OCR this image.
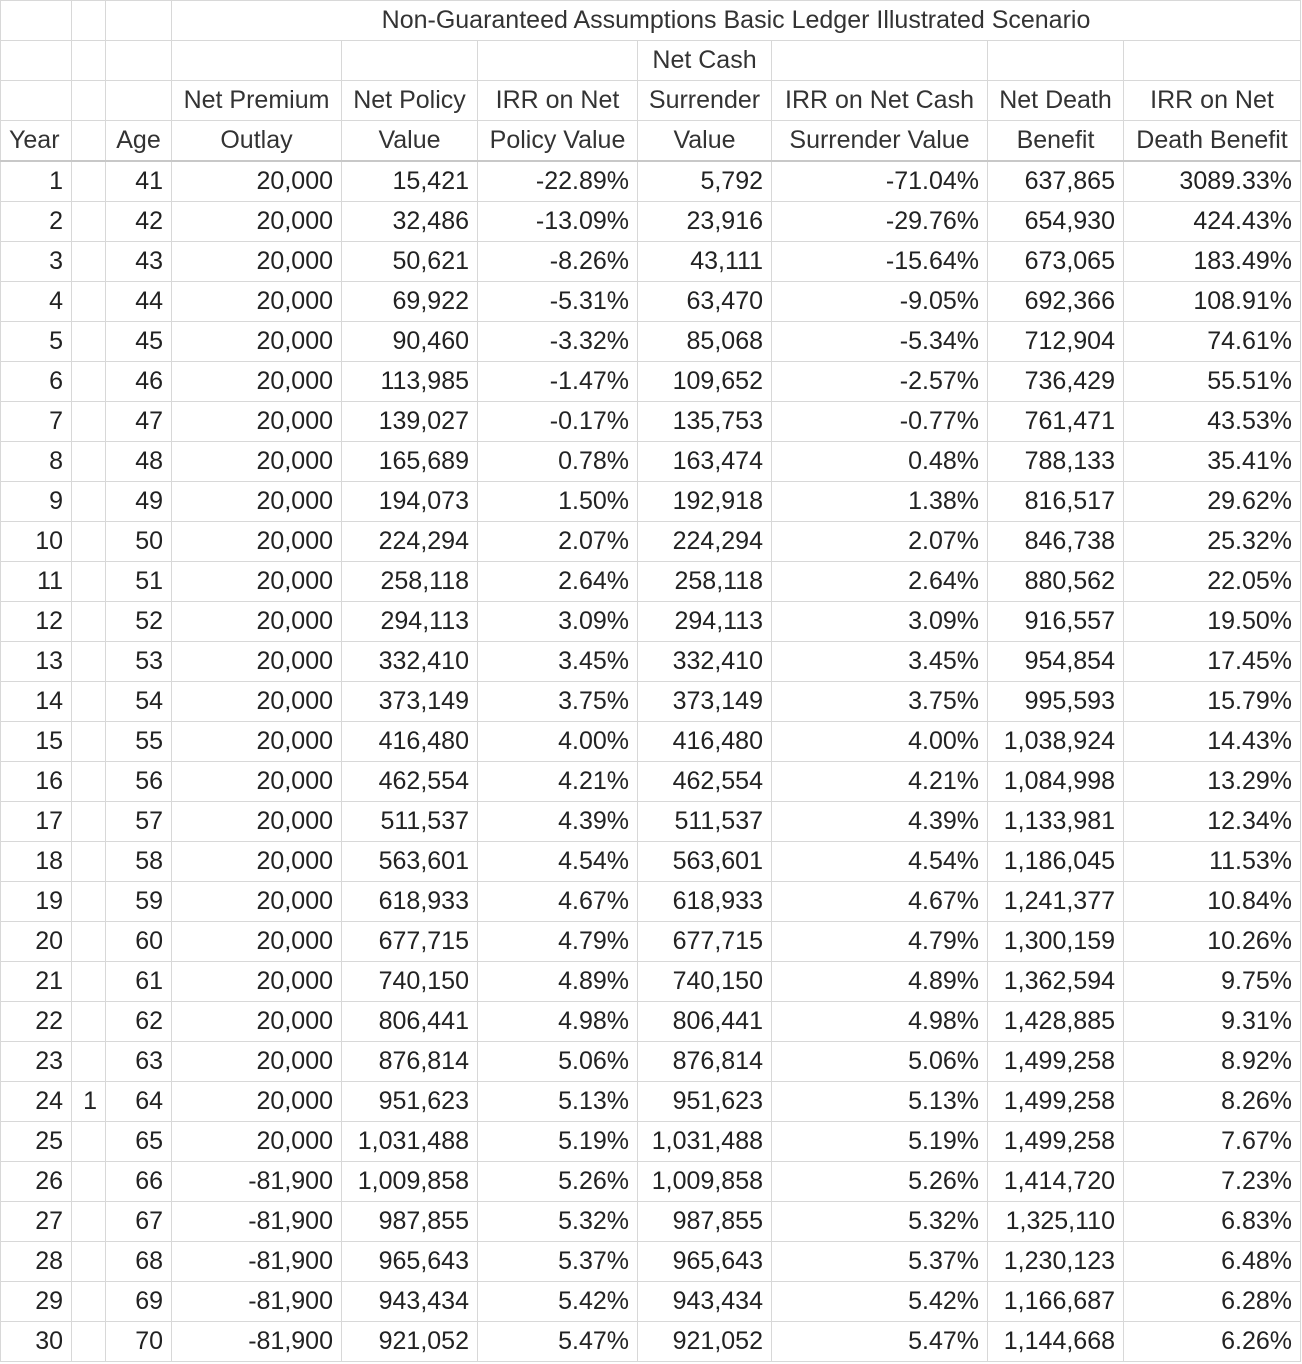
			Non-Guaranteed Assumptions Basic Ledger Illustrated Scenario						
						Net Cash			
			Net Premium	Net Policy	IRR on Net	Surrender	IRR on Net Cash	Net Death	IRR on Net
Year		Age	Outlay	Value	Policy Value	Value	Surrender Value	Benefit	Death Benefit
1		41	20,000	15,421	-22.89%	5,792	-71.04%	637,865	3089.33%
2		42	20,000	32,486	-13.09%	23,916	-29.76%	654,930	424.43%
3		43	20,000	50,621	-8.26%	43,111	-15.64%	673,065	183.49%
4		44	20,000	69,922	-5.31%	63,470	-9.05%	692,366	108.91%
5		45	20,000	90,460	-3.32%	85,068	-5.34%	712,904	74.61%
6		46	20,000	113,985	-1.47%	109,652	-2.57%	736,429	55.51%
7		47	20,000	139,027	-0.17%	135,753	-0.77%	761,471	43.53%
8		48	20,000	165,689	0.78%	163,474	0.48%	788,133	35.41%
9		49	20,000	194,073	1.50%	192,918	1.38%	816,517	29.62%
10		50	20,000	224,294	2.07%	224,294	2.07%	846,738	25.32%
11		51	20,000	258,118	2.64%	258,118	2.64%	880,562	22.05%
12		52	20,000	294,113	3.09%	294,113	3.09%	916,557	19.50%
13		53	20,000	332,410	3.45%	332,410	3.45%	954,854	17.45%
14		54	20,000	373,149	3.75%	373,149	3.75%	995,593	15.79%
15		55	20,000	416,480	4.00%	416,480	4.00%	1,038,924	14.43%
16		56	20,000	462,554	4.21%	462,554	4.21%	1,084,998	13.29%
17		57	20,000	511,537	4.39%	511,537	4.39%	1,133,981	12.34%
18		58	20,000	563,601	4.54%	563,601	4.54%	1,186,045	11.53%
19		59	20,000	618,933	4.67%	618,933	4.67%	1,241,377	10.84%
20		60	20,000	677,715	4.79%	677,715	4.79%	1,300,159	10.26%
21		61	20,000	740,150	4.89%	740,150	4.89%	1,362,594	9.75%
22		62	20,000	806,441	4.98%	806,441	4.98%	1,428,885	9.31%
23		63	20,000	876,814	5.06%	876,814	5.06%	1,499,258	8.92%
24	1	64	20,000	951,623	5.13%	951,623	5.13%	1,499,258	8.26%
25		65	20,000	1,031,488	5.19%	1,031,488	5.19%	1,499,258	7.67%
26		66	-81,900	1,009,858	5.26%	1,009,858	5.26%	1,414,720	7.23%
27		67	-81,900	987,855	5.32%	987,855	5.32%	1,325,110	6.83%
28		68	-81,900	965,643	5.37%	965,643	5.37%	1,230,123	6.48%
29		69	-81,900	943,434	5.42%	943,434	5.42%	1,166,687	6.28%
30		70	-81,900	921,052	5.47%	921,052	5.47%	1,144,668	6.26%
